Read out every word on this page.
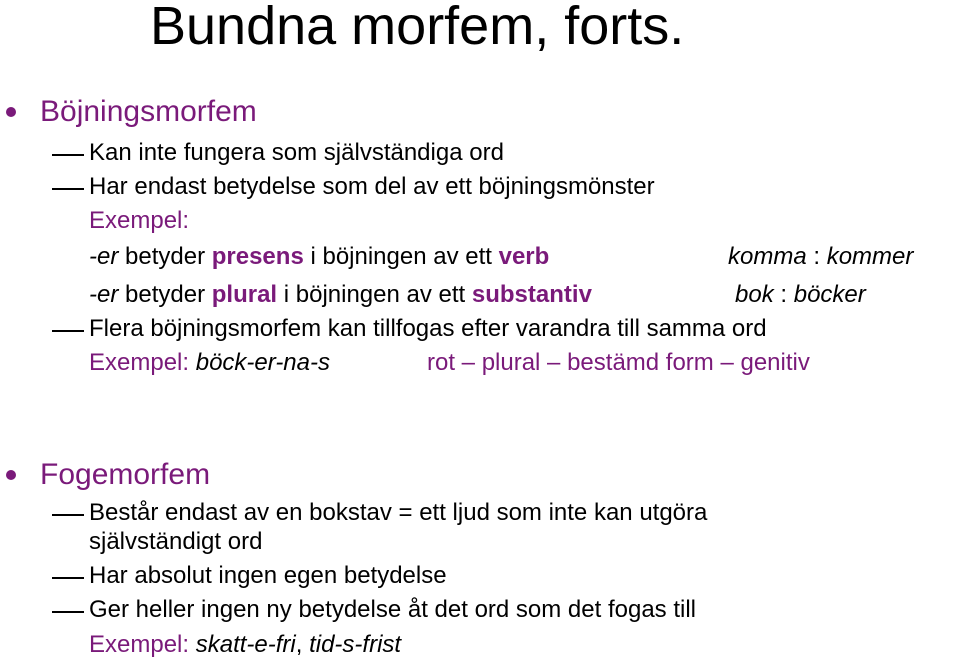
Bundna morfem, forts.
Böjningsmorfem
Kan inte fungera som självständiga ord
Har endast betydelse som del av ett böjningsmönster
Exempel:
-er betyder presens i böjningen av ett verb	komma : kommer
-er betyder plural i böjningen av ett substantiv	bok : böcker
Flera böjningsmorfem kan tillfogas efter varandra till samma ord
Exempel: böck-er-na-s	rot – plural – bestämd form – genitiv
Fogemorfem
Består endast av en bokstav = ett ljud som inte kan utgöra
självständigt ord
Har absolut ingen egen betydelse
Ger heller ingen ny betydelse åt det ord som det fogas till
Exempel: skatt-e-fri, tid-s-frist
